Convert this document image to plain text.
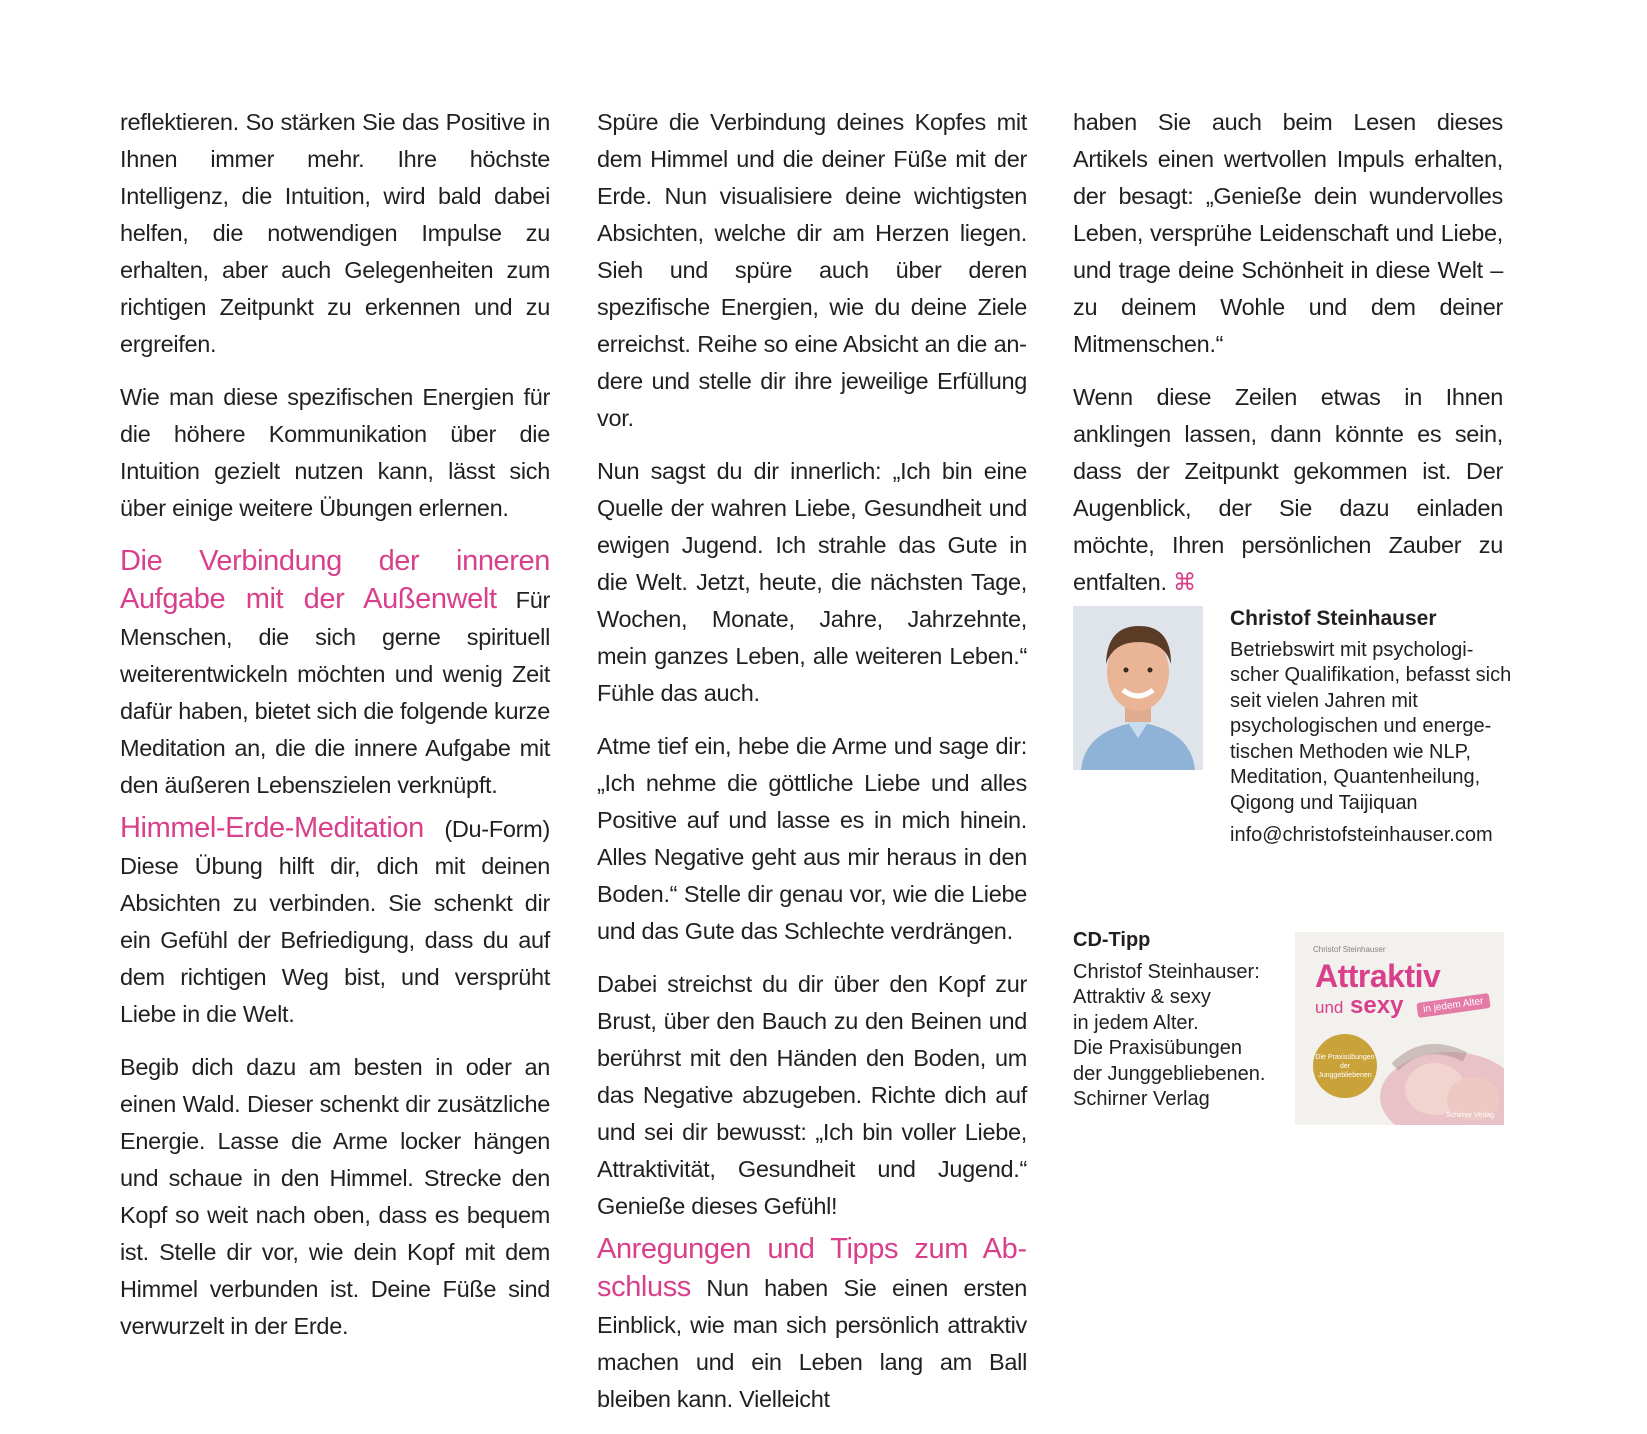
reflektieren. So stärken Sie das Positive in Ihnen immer mehr. Ihre höchste Intelligenz, die Intuition, wird bald dabei helfen, die notwendigen Impulse zu erhalten, aber auch Gelegenheiten zum richtigen Zeitpunkt zu erkennen und zu ergreifen.

Wie man diese spezifischen Energien für die höhere Kommunikation über die Intuition gezielt nutzen kann, lässt sich über einige weitere Übungen erlernen.

Die Verbindung der inneren Aufgabe mit der Außenwelt Für Menschen, die sich gerne spirituell weiterentwickeln möchten und wenig Zeit dafür haben, bietet sich die folgende kurze Meditation an, die die innere Aufgabe mit den äußeren Lebenszielen verknüpft.

Himmel-Erde-Meditation (Du-Form) Diese Übung hilft dir, dich mit deinen Absichten zu verbinden. Sie schenkt dir ein Gefühl der Befriedigung, dass du auf dem richtigen Weg bist, und versprüht Liebe in die Welt.

Begib dich dazu am besten in oder an einen Wald. Dieser schenkt dir zusätzliche Energie. Lasse die Arme locker hängen und schaue in den Himmel. Strecke den Kopf so weit nach oben, dass es bequem ist. Stelle dir vor, wie dein Kopf mit dem Himmel verbunden ist. Deine Füße sind verwurzelt in der Erde.

Spüre die Verbindung deines Kopfes mit dem Himmel und die deiner Füße mit der Erde. Nun visualisiere deine wichtigsten Absichten, welche dir am Herzen liegen. Sieh und spüre auch über deren spezifische Energien, wie du deine Ziele erreichst. Reihe so eine Absicht an die andere und stelle dir ihre jeweilige Erfüllung vor.

Nun sagst du dir innerlich: „Ich bin eine Quelle der wahren Liebe, Gesundheit und ewigen Jugend. Ich strahle das Gute in die Welt. Jetzt, heute, die nächsten Tage, Wochen, Monate, Jahre, Jahrzehnte, mein ganzes Leben, alle weiteren Leben.“ Fühle das auch.

Atme tief ein, hebe die Arme und sage dir: „Ich nehme die göttliche Liebe und alles Positive auf und lasse es in mich hinein. Alles Negative geht aus mir heraus in den Boden.“ Stelle dir genau vor, wie die Liebe und das Gute das Schlechte verdrängen.

Dabei streichst du dir über den Kopf zur Brust, über den Bauch zu den Beinen und berührst mit den Händen den Boden, um das Negative abzugeben. Richte dich auf und sei dir bewusst: „Ich bin voller Liebe, Attraktivität, Gesundheit und Jugend.“ Genieße dieses Gefühl!

Anregungen und Tipps zum Abschluss Nun haben Sie einen ersten Einblick, wie man sich persönlich attraktiv machen und ein Leben lang am Ball bleiben kann. Vielleicht

haben Sie auch beim Lesen dieses Artikels einen wertvollen Impuls erhalten, der besagt: „Genieße dein wundervolles Leben, versprühe Leidenschaft und Liebe, und trage deine Schönheit in diese Welt – zu deinem Wohle und dem deiner Mitmenschen.“

Wenn diese Zeilen etwas in Ihnen anklingen lassen, dann könnte es sein, dass der Zeitpunkt gekommen ist. Der Augenblick, der Sie dazu einladen möchte, Ihren persönlichen Zauber zu entfalten. ⌘

Christof Steinhauser

Betriebswirt mit psychologischer Qualifikation, befasst sich seit vielen Jahren mit psychologischen und energetischen Methoden wie NLP, Meditation, Quantenheilung, Qigong und Taijiquan

info@christofsteinhauser.com

CD-Tipp

Christof Steinhauser:
Attraktiv & sexy
in jedem Alter.
Die Praxisübungen
der Junggebliebenen.
Schirner Verlag
Christof Steinhauser
Attraktiv
und sexy	in jedem Alter
Die Praxisübungen der Junggebliebenen
Schirner Verlag
